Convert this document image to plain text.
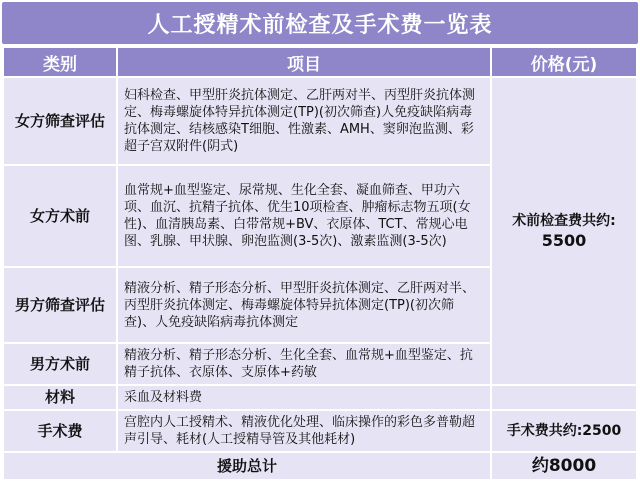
人工授精术前检查及手术费一览表
类别	项目	价格(元)
女方筛查评估	妇科检查、甲型肝炎抗体测定、乙肝两对半、丙型肝炎抗体测定、梅毒螺旋体特异抗体测定(TP)(初次筛查)人免疫缺陷病毒抗体测定、结核感染T细胞、性激素、AMH、窦卵泡监测、彩超子宫双附件(阴式)	术前检查费共约:
5500

女方术前	血常规+血型鉴定、尿常规、生化全套、凝血筛查、甲功六项、血沉、抗精子抗体、优生10项检查、肿瘤标志物五项(女性)、血清胰岛素、白带常规+BV、衣原体、TCT、常规心电图、乳腺、甲状腺、卵泡监测(3-5次)、激素监测(3-5次)	
男方筛查评估	精液分析、精子形态分析、甲型肝炎抗体测定、乙肝两对半、丙型肝炎抗体测定、梅毒螺旋体特异抗体测定(TP)(初次筛查)、人免疫缺陷病毒抗体测定	
男方术前	精液分析、精子形态分析、生化全套、血常规+血型鉴定、抗精子抗体、衣原体、支原体+药敏	
材料	采血及材料费	
手术费	宫腔内人工授精术、精液优化处理、临床操作的彩色多普勒超声引导、耗材(人工授精导管及其他耗材)	手术费共约:2500
援助总计		约8000
